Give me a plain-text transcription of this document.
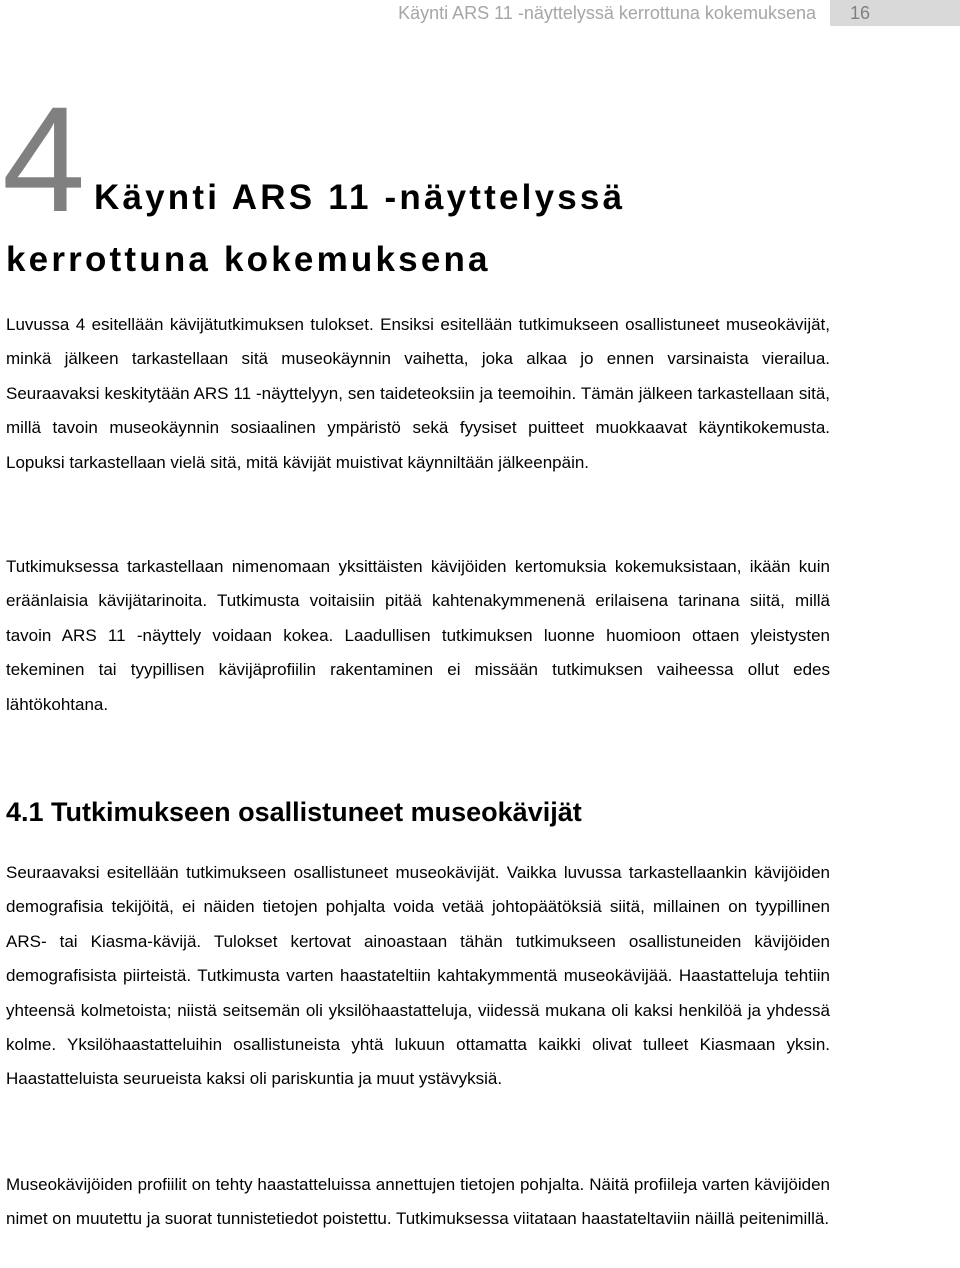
Käynti ARS 11 -näyttelyssä kerrottuna kokemuksena	16
4 Käynti ARS 11 -näyttelyssä
kerrottuna kokemuksena

Luvussa 4 esitellään kävijätutkimuksen tulokset. Ensiksi esitellään tutkimukseen osallistuneet museokävijät, minkä jälkeen tarkastellaan sitä museokäynnin vaihetta, joka alkaa jo ennen varsinaista vierailua. Seuraavaksi keskitytään ARS 11 -näyttelyyn, sen taideteoksiin ja teemoihin. Tämän jälkeen tarkastellaan sitä, millä tavoin museokäynnin sosiaalinen ympäristö sekä fyysiset puitteet muokkaavat käyntikokemusta. Lopuksi tarkastellaan vielä sitä, mitä kävijät muistivat käynniltään jälkeenpäin.

Tutkimuksessa tarkastellaan nimenomaan yksittäisten kävijöiden kertomuksia kokemuksistaan, ikään kuin eräänlaisia kävijätarinoita. Tutkimusta voitaisiin pitää kahtenakymmenenä erilaisena tarinana siitä, millä tavoin ARS 11 -näyttely voidaan kokea. Laadullisen tutkimuksen luonne huomioon ottaen yleistysten tekeminen tai tyypillisen kävijäprofiilin rakentaminen ei missään tutkimuksen vaiheessa ollut edes lähtökohtana.

4.1 Tutkimukseen osallistuneet museokävijät

Seuraavaksi esitellään tutkimukseen osallistuneet museokävijät. Vaikka luvussa tarkastellaankin kävijöiden demografisia tekijöitä, ei näiden tietojen pohjalta voida vetää johtopäätöksiä siitä, millainen on tyypillinen ARS- tai Kiasma-kävijä. Tulokset kertovat ainoastaan tähän tutkimukseen osallistuneiden kävijöiden demografisista piirteistä. Tutkimusta varten haastateltiin kahtakymmentä museokävijää. Haastatteluja tehtiin yhteensä kolmetoista; niistä seitsemän oli yksilöhaastatteluja, viidessä mukana oli kaksi henkilöä ja yhdessä kolme. Yksilöhaastatteluihin osallistuneista yhtä lukuun ottamatta kaikki olivat tulleet Kiasmaan yksin. Haastatteluista seurueista kaksi oli pariskuntia ja muut ystävyksiä.

Museokävijöiden profiilit on tehty haastatteluissa annettujen tietojen pohjalta. Näitä profiileja varten kävijöiden nimet on muutettu ja suorat tunnistetiedot poistettu. Tutkimuksessa viitataan haastateltaviin näillä peitenimillä.
